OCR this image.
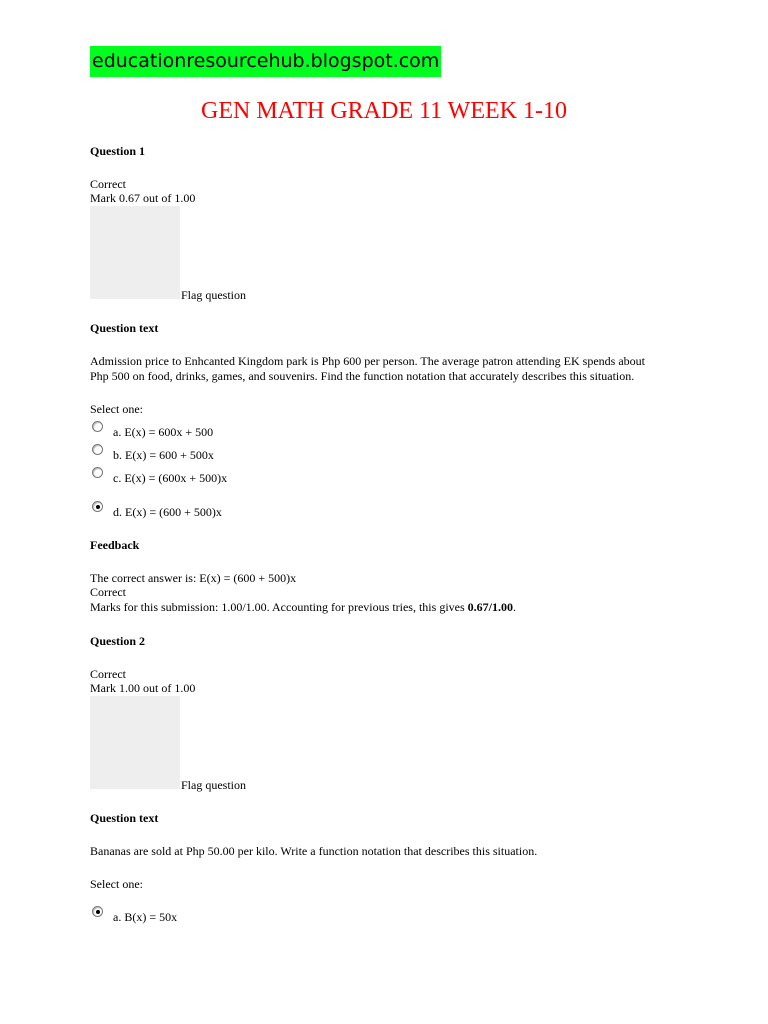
educationresourcehub.blogspot.com
GEN MATH GRADE 11 WEEK 1-10
Question 1
Correct
Mark 0.67 out of 1.00
Flag question
Question text
Admission price to Enhcanted Kingdom park is Php 600 per person. The average patron attending EK spends about
Php 500 on food, drinks, games, and souvenirs. Find the function notation that accurately describes this situation.
Select one:
a. E(x) = 600x + 500
b. E(x) = 600 + 500x
c. E(x) = (600x + 500)x
d. E(x) = (600 + 500)x
Feedback
The correct answer is: E(x) = (600 + 500)x
Correct
Marks for this submission: 1.00/1.00. Accounting for previous tries, this gives 0.67/1.00.
Question 2
Correct
Mark 1.00 out of 1.00
Flag question
Question text
Bananas are sold at Php 50.00 per kilo. Write a function notation that describes this situation.
Select one:
a. B(x) = 50x
